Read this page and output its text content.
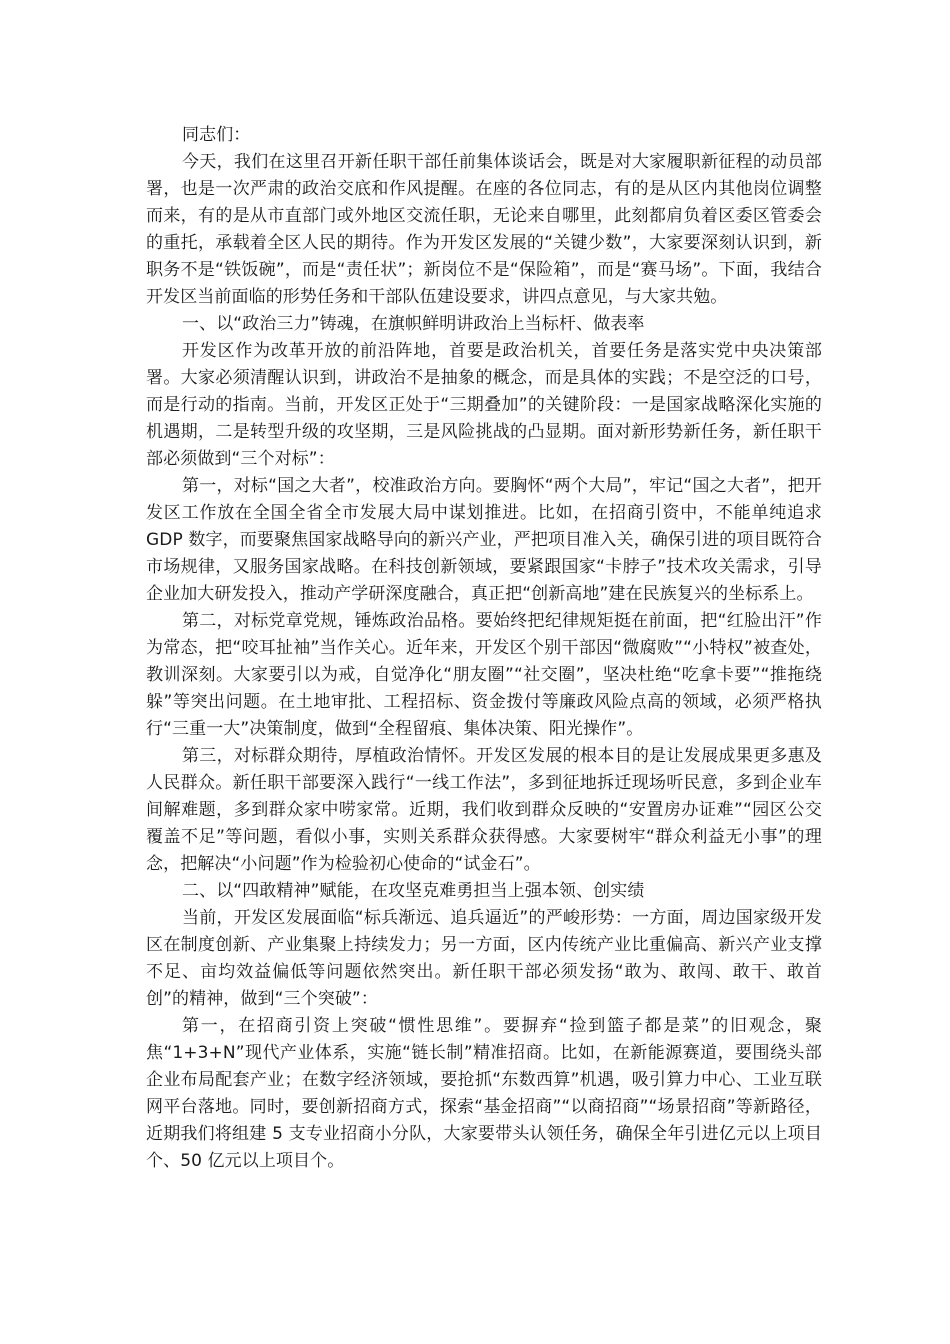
同志们：

今天，我们在这里召开新任职干部任前集体谈话会，既是对大家履职新征程的动员部署，也是一次严肃的政治交底和作风提醒。在座的各位同志，有的是从区内其他岗位调整而来，有的是从市直部门或外地区交流任职，无论来自哪里，此刻都肩负着区委区管委会的重托，承载着全区人民的期待。作为开发区发展的“关键少数”，大家要深刻认识到，新职务不是“铁饭碗”，而是“责任状”；新岗位不是“保险箱”，而是“赛马场”。下面，我结合开发区当前面临的形势任务和干部队伍建设要求，讲四点意见，与大家共勉。

一、以“政治三力”铸魂，在旗帜鲜明讲政治上当标杆、做表率

开发区作为改革开放的前沿阵地，首要是政治机关，首要任务是落实党中央决策部署。大家必须清醒认识到，讲政治不是抽象的概念，而是具体的实践；不是空泛的口号，而是行动的指南。当前，开发区正处于“三期叠加”的关键阶段：一是国家战略深化实施的机遇期，二是转型升级的攻坚期，三是风险挑战的凸显期。面对新形势新任务，新任职干部必须做到“三个对标”：

第一，对标“国之大者”，校准政治方向。要胸怀“两个大局”，牢记“国之大者”，把开发区工作放在全国全省全市发展大局中谋划推进。比如，在招商引资中，不能单纯追求 GDP 数字，而要聚焦国家战略导向的新兴产业，严把项目准入关，确保引进的项目既符合市场规律，又服务国家战略。在科技创新领域，要紧跟国家“卡脖子”技术攻关需求，引导企业加大研发投入，推动产学研深度融合，真正把“创新高地”建在民族复兴的坐标系上。

第二，对标党章党规，锤炼政治品格。要始终把纪律规矩挺在前面，把“红脸出汗”作为常态，把“咬耳扯袖”当作关心。近年来，开发区个别干部因“微腐败”“小特权”被查处，教训深刻。大家要引以为戒，自觉净化“朋友圈”“社交圈”，坚决杜绝“吃拿卡要”“推拖绕躲”等突出问题。在土地审批、工程招标、资金拨付等廉政风险点高的领域，必须严格执行“三重一大”决策制度，做到“全程留痕、集体决策、阳光操作”。

第三，对标群众期待，厚植政治情怀。开发区发展的根本目的是让发展成果更多惠及人民群众。新任职干部要深入践行“一线工作法”，多到征地拆迁现场听民意，多到企业车间解难题，多到群众家中唠家常。近期，我们收到群众反映的“安置房办证难”“园区公交覆盖不足”等问题，看似小事，实则关系群众获得感。大家要树牢“群众利益无小事”的理念，把解决“小问题”作为检验初心使命的“试金石”。

二、以“四敢精神”赋能，在攻坚克难勇担当上强本领、创实绩

当前，开发区发展面临“标兵渐远、追兵逼近”的严峻形势：一方面，周边国家级开发区在制度创新、产业集聚上持续发力；另一方面，区内传统产业比重偏高、新兴产业支撑不足、亩均效益偏低等问题依然突出。新任职干部必须发扬“敢为、敢闯、敢干、敢首创”的精神，做到“三个突破”：

第一，在招商引资上突破“惯性思维”。要摒弃“捡到篮子都是菜”的旧观念，聚焦“1+3+N”现代产业体系，实施“链长制”精准招商。比如，在新能源赛道，要围绕头部企业布局配套产业；在数字经济领域，要抢抓“东数西算”机遇，吸引算力中心、工业互联网平台落地。同时，要创新招商方式，探索“基金招商”“以商招商”“场景招商”等新路径，近期我们将组建 5 支专业招商小分队，大家要带头认领任务，确保全年引进亿元以上项目个、50 亿元以上项目个。
